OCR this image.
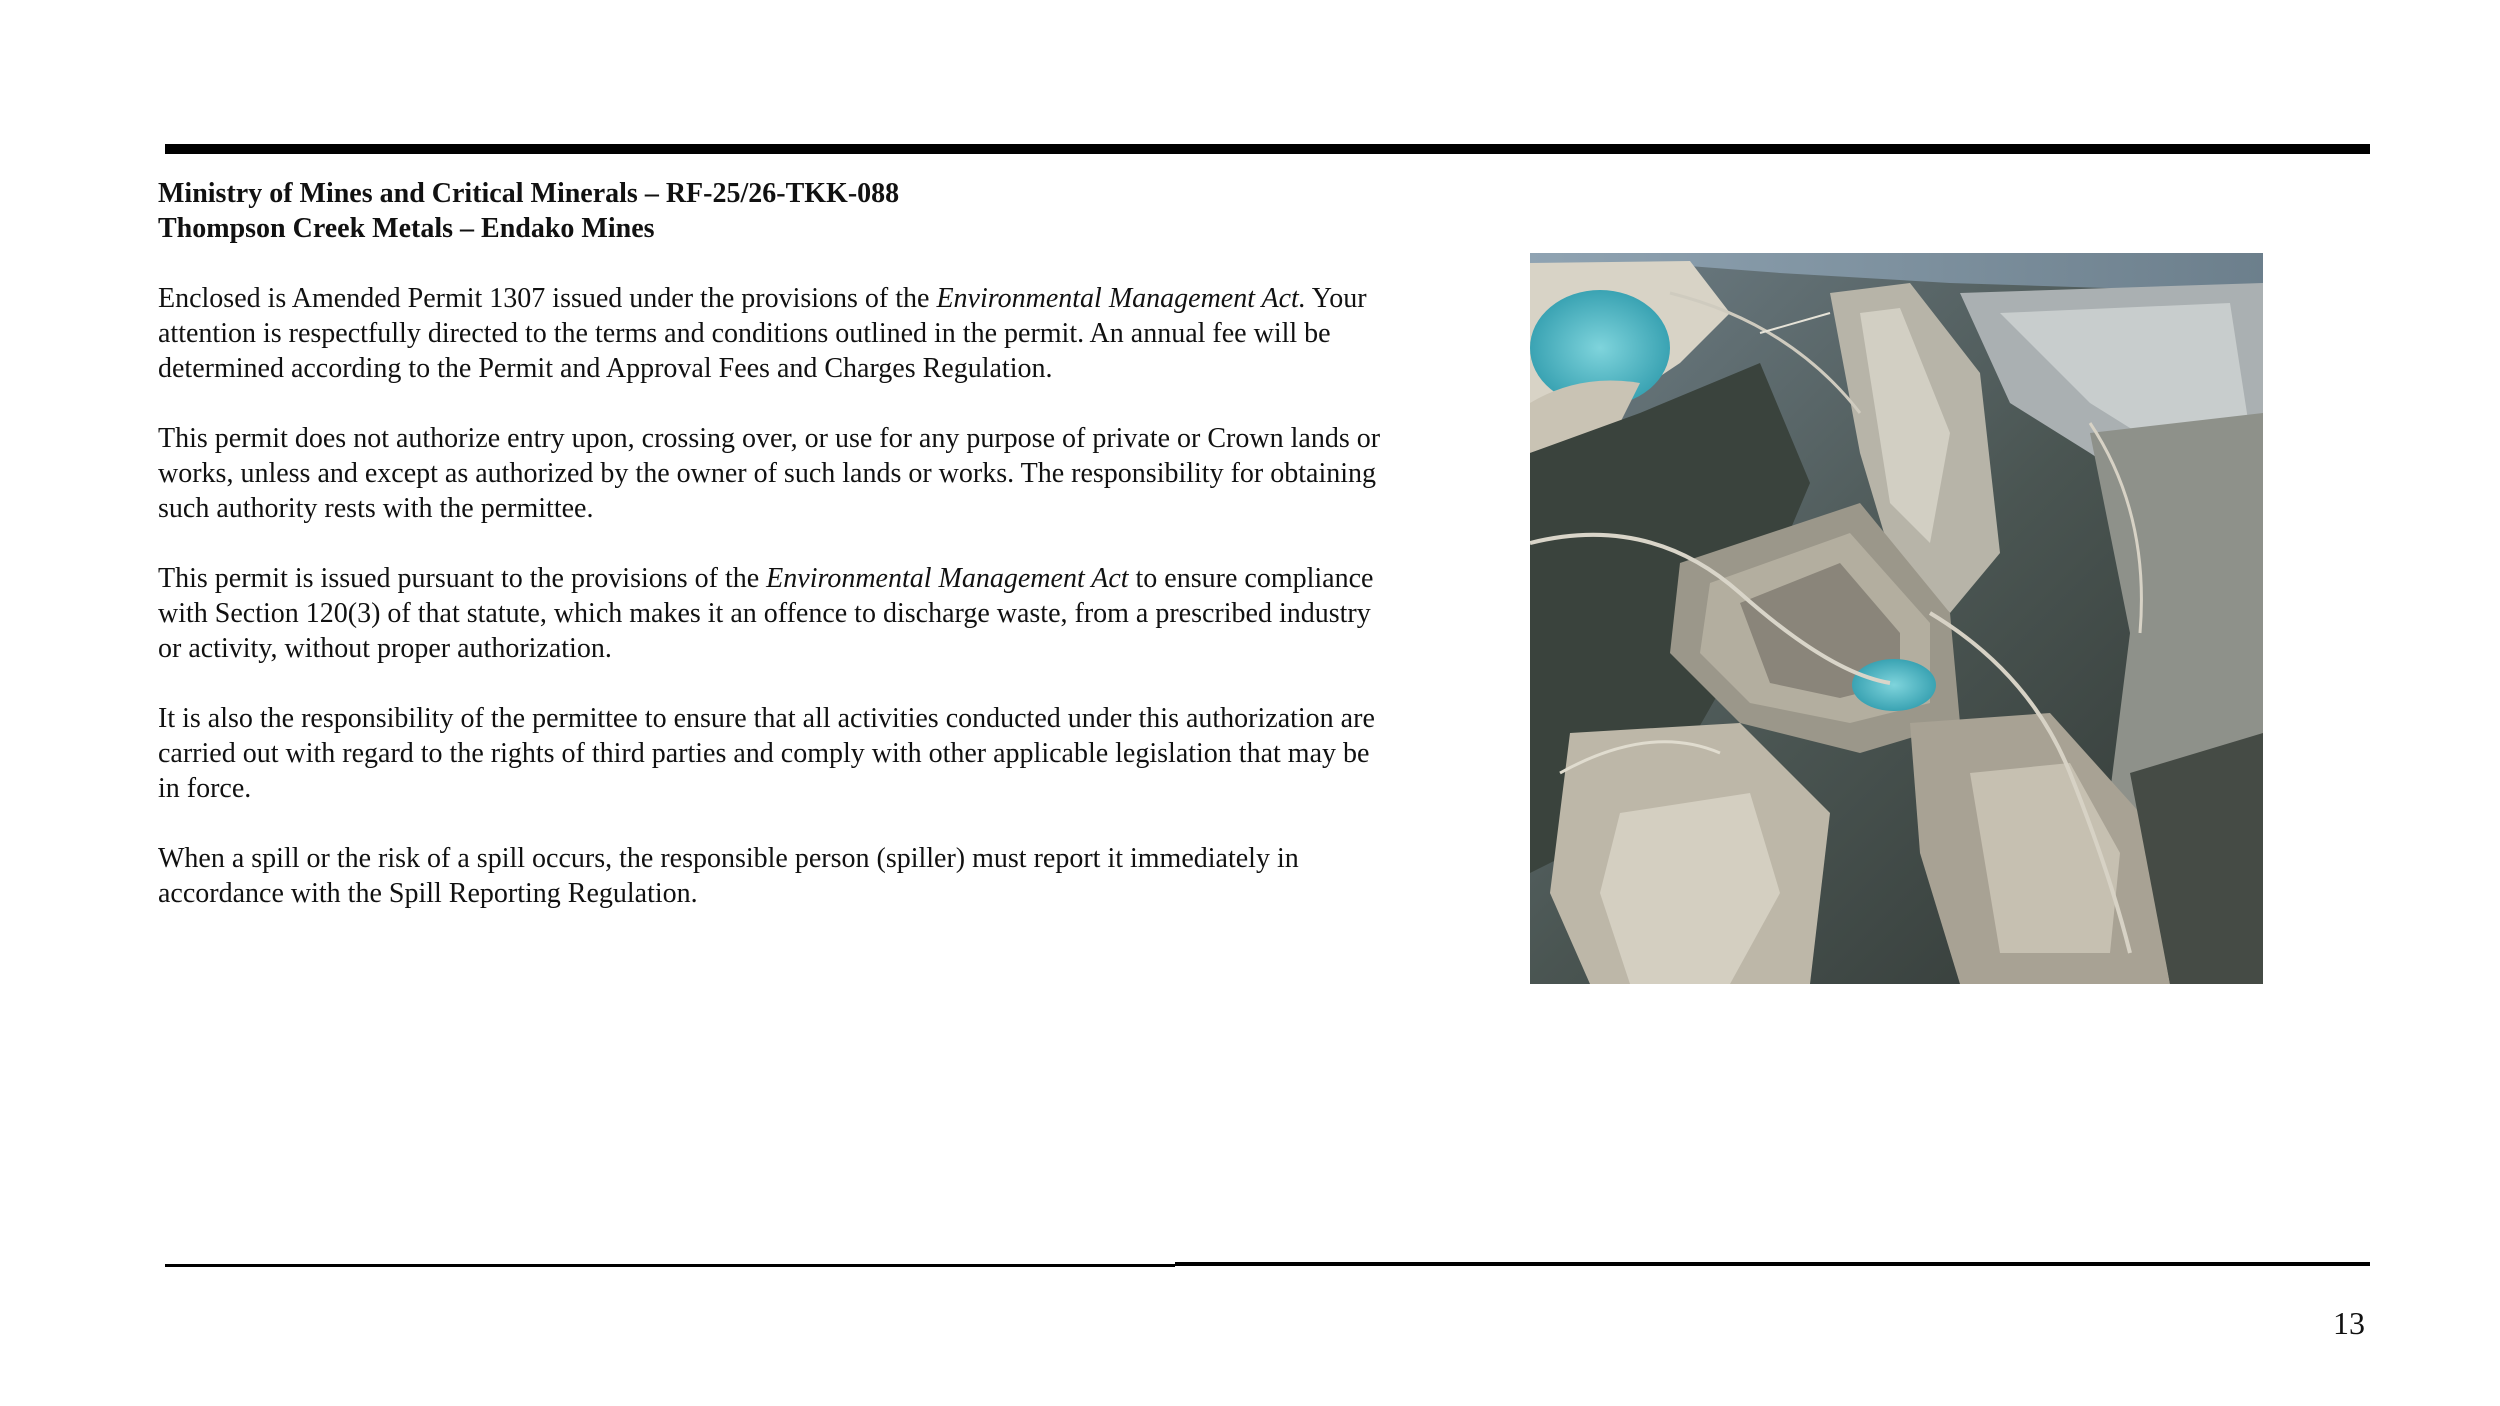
Ministry of Mines and Critical Minerals – RF-25/26-TKK-088
Thompson Creek Metals – Endako Mines

Enclosed is Amended Permit 1307 issued under the provisions of the Environmental Management Act. Your attention is respectfully directed to the terms and conditions outlined in the permit. An annual fee will be determined according to the Permit and Approval Fees and Charges Regulation.

This permit does not authorize entry upon, crossing over, or use for any purpose of private or Crown lands or works, unless and except as authorized by the owner of such lands or works. The responsibility for obtaining such authority rests with the permittee.

This permit is issued pursuant to the provisions of the Environmental Management Act to ensure compliance with Section 120(3) of that statute, which makes it an offence to discharge waste, from a prescribed industry or activity, without proper authorization.

It is also the responsibility of the permittee to ensure that all activities conducted under this authorization are carried out with regard to the rights of third parties and comply with other applicable legislation that may be in force.

When a spill or the risk of a spill occurs, the responsible person (spiller) must report it immediately in accordance with the Spill Reporting Regulation.

13
